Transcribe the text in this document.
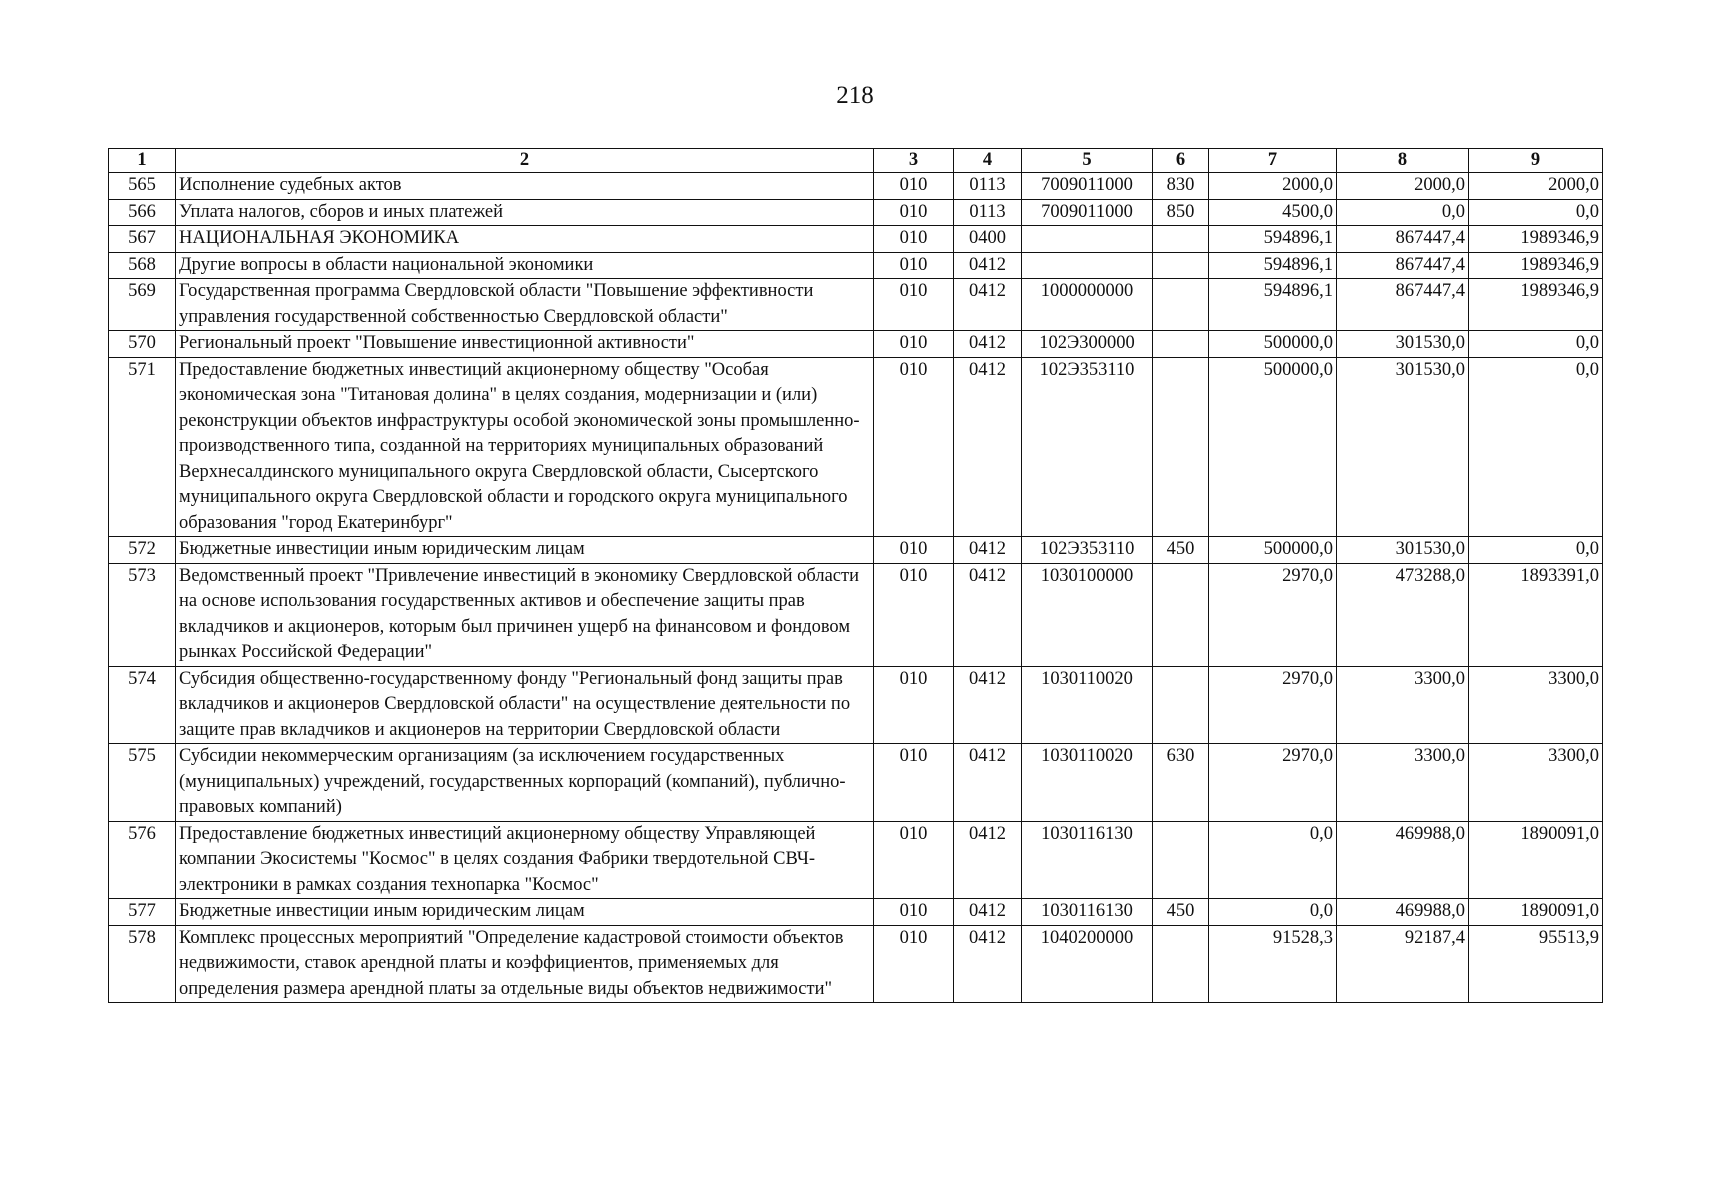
218
1	2	3	4	5	6	7	8	9
565	Исполнение судебных актов	010	0113	7009011000	830	2000,0	2000,0	2000,0
566	Уплата налогов, сборов и иных платежей	010	0113	7009011000	850	4500,0	0,0	0,0
567	НАЦИОНАЛЬНАЯ ЭКОНОМИКА	010	0400			594896,1	867447,4	1989346,9
568	Другие вопросы в области национальной экономики	010	0412			594896,1	867447,4	1989346,9
569	Государственная программа Свердловской области "Повышение эффективности управления государственной собственностью Свердловской области"	010	0412	1000000000		594896,1	867447,4	1989346,9
570	Региональный проект "Повышение инвестиционной активности"	010	0412	102Э300000		500000,0	301530,0	0,0
571	Предоставление бюджетных инвестиций акционерному обществу "Особая экономическая зона "Титановая долина" в целях создания, модернизации и (или) реконструкции объектов инфраструктуры особой экономической зоны промышленно-производственного типа, созданной на территориях муниципальных образований Верхнесалдинского муниципального округа Свердловской области, Сысертского муниципального округа Свердловской области и городского округа муниципального образования "город Екатеринбург"	010	0412	102Э353110		500000,0	301530,0	0,0
572	Бюджетные инвестиции иным юридическим лицам	010	0412	102Э353110	450	500000,0	301530,0	0,0
573	Ведомственный проект "Привлечение инвестиций в экономику Свердловской области на основе использования государственных активов и обеспечение защиты прав вкладчиков и акционеров, которым был причинен ущерб на финансовом и фондовом рынках Российской Федерации"	010	0412	1030100000		2970,0	473288,0	1893391,0
574	Субсидия общественно-государственному фонду "Региональный фонд защиты прав вкладчиков и акционеров Свердловской области" на осуществление деятельности по защите прав вкладчиков и акционеров на территории Свердловской области	010	0412	1030110020		2970,0	3300,0	3300,0
575	Субсидии некоммерческим организациям (за исключением государственных (муниципальных) учреждений, государственных корпораций (компаний), публично-правовых компаний)	010	0412	1030110020	630	2970,0	3300,0	3300,0
576	Предоставление бюджетных инвестиций акционерному обществу Управляющей компании Экосистемы "Космос" в целях создания Фабрики твердотельной СВЧ-электроники в рамках создания технопарка "Космос"	010	0412	1030116130		0,0	469988,0	1890091,0
577	Бюджетные инвестиции иным юридическим лицам	010	0412	1030116130	450	0,0	469988,0	1890091,0
578	Комплекс процессных мероприятий "Определение кадастровой стоимости объектов недвижимости, ставок арендной платы и коэффициентов, применяемых для определения размера арендной платы за отдельные виды объектов недвижимости"	010	0412	1040200000		91528,3	92187,4	95513,9
